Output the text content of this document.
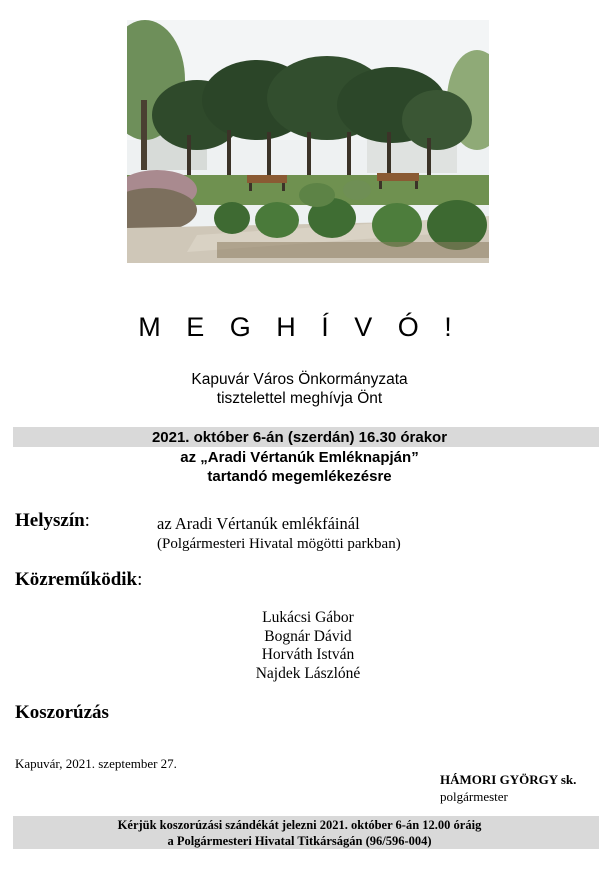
M E G H Í V Ó !
Kapuvár Város Önkormányzata
tisztelettel meghívja Önt
2021. október 6-án (szerdán) 16.30 órakor
az „Aradi Vértanúk Emléknapján”
tartandó megemlékezésre
Helyszín:	az Aradi Vértanúk emlékfáinál
(Polgármesteri Hivatal mögötti parkban)
Közreműködik:
Lukácsi Gábor
Bognár Dávid
Horváth István
Najdek Lászlóné
Koszorúzás
Kapuvár, 2021. szeptember 27.
HÁMORI GYÖRGY sk.
polgármester
Kérjük koszorúzási szándékát jelezni 2021. október 6-án 12.00 óráig
a Polgármesteri Hivatal Titkárságán (96/596-004)
